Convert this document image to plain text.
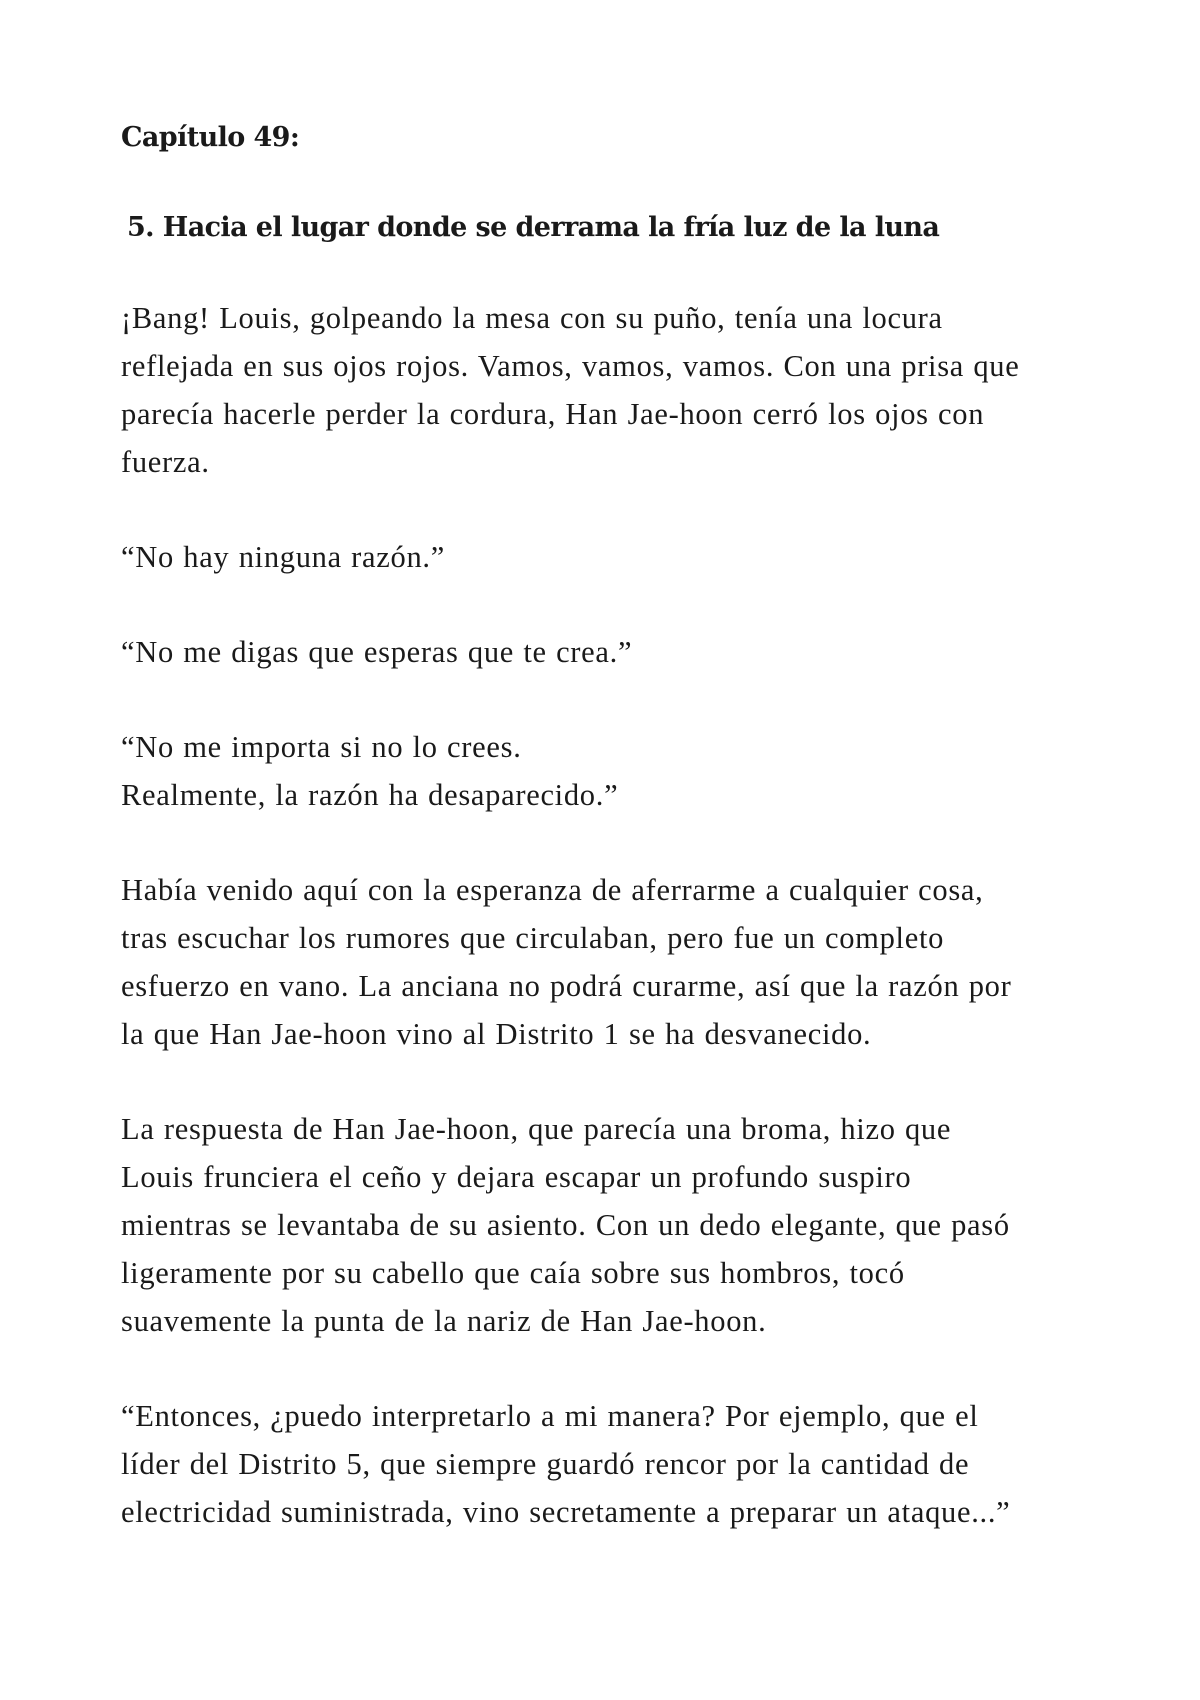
Capítulo 49:
5. Hacia el lugar donde se derrama la fría luz de la luna

¡Bang! Louis, golpeando la mesa con su puño, tenía una locura
reflejada en sus ojos rojos. Vamos, vamos, vamos. Con una prisa que
parecía hacerle perder la cordura, Han Jae-hoon cerró los ojos con
fuerza.

“No hay ninguna razón.”

“No me digas que esperas que te crea.”

“No me importa si no lo crees.
Realmente, la razón ha desaparecido.”

Había venido aquí con la esperanza de aferrarme a cualquier cosa,
tras escuchar los rumores que circulaban, pero fue un completo
esfuerzo en vano. La anciana no podrá curarme, así que la razón por
la que Han Jae-hoon vino al Distrito 1 se ha desvanecido.

La respuesta de Han Jae-hoon, que parecía una broma, hizo que
Louis frunciera el ceño y dejara escapar un profundo suspiro
mientras se levantaba de su asiento. Con un dedo elegante, que pasó
ligeramente por su cabello que caía sobre sus hombros, tocó
suavemente la punta de la nariz de Han Jae-hoon.

“Entonces, ¿puedo interpretarlo a mi manera? Por ejemplo, que el
líder del Distrito 5, que siempre guardó rencor por la cantidad de
electricidad suministrada, vino secretamente a preparar un ataque...”
